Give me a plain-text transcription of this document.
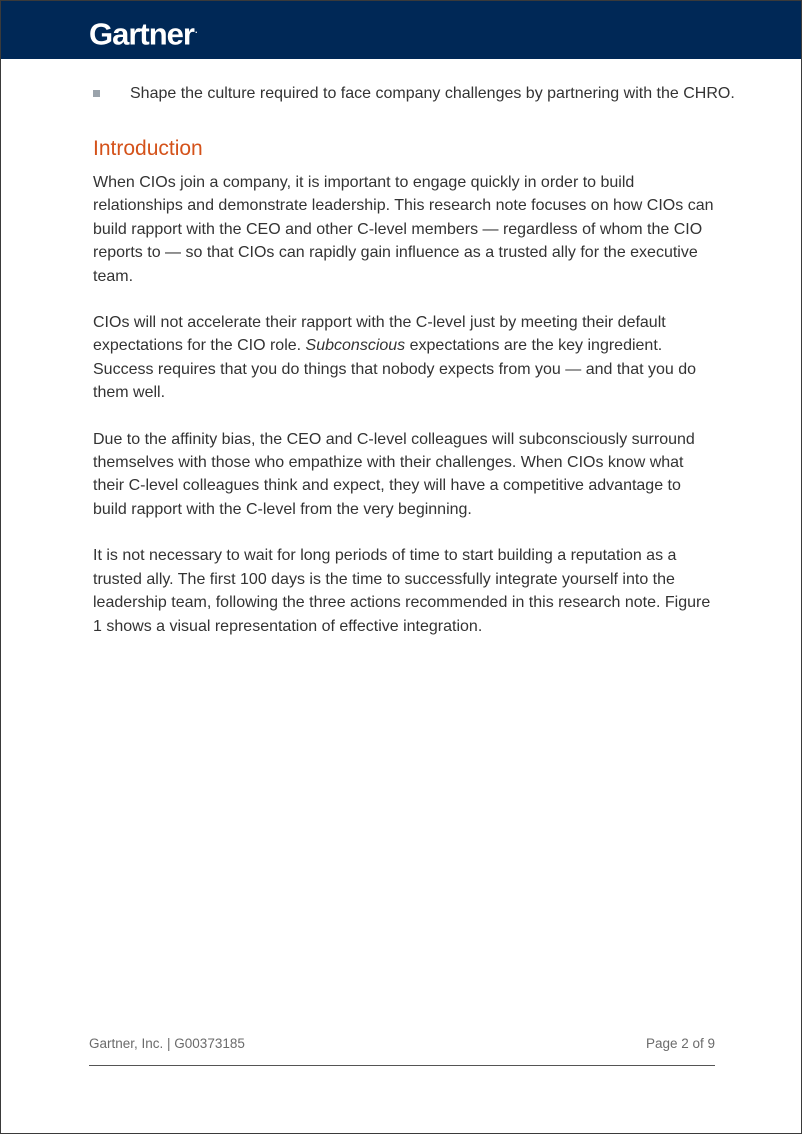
Gartner.
Shape the culture required to face company challenges by partnering with the CHRO.
Introduction

When CIOs join a company, it is important to engage quickly in order to build relationships and demonstrate leadership. This research note focuses on how CIOs can build rapport with the CEO and other C-level members — regardless of whom the CIO reports to — so that CIOs can rapidly gain influence as a trusted ally for the executive team.

CIOs will not accelerate their rapport with the C-level just by meeting their default expectations for the CIO role. Subconscious expectations are the key ingredient. Success requires that you do things that nobody expects from you — and that you do them well.

Due to the affinity bias, the CEO and C-level colleagues will subconsciously surround themselves with those who empathize with their challenges. When CIOs know what their C-level colleagues think and expect, they will have a competitive advantage to build rapport with the C-level from the very beginning.

It is not necessary to wait for long periods of time to start building a reputation as a trusted ally. The first 100 days is the time to successfully integrate yourself into the leadership team, following the three actions recommended in this research note. Figure 1 shows a visual representation of effective integration.

Gartner, Inc. | G00373185	Page 2 of 9
